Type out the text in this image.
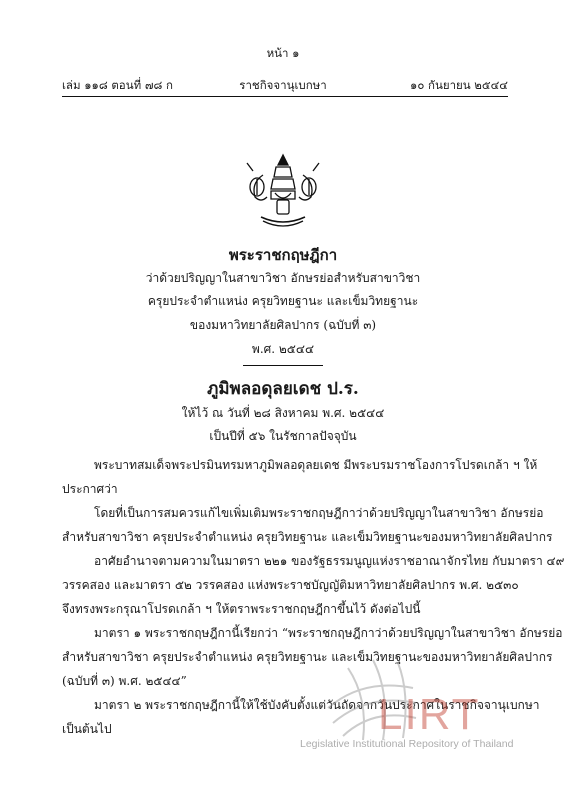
หน้า ๑
เล่ม ๑๑๘ ตอนที่ ๗๘ ก	ราชกิจจานุเบกษา	๑๐ กันยายน ๒๕๔๔
พระราชกฤษฎีกา
ว่าด้วยปริญญาในสาขาวิชา อักษรย่อสำหรับสาขาวิชา
ครุยประจำตำแหน่ง ครุยวิทยฐานะ และเข็มวิทยฐานะ
ของมหาวิทยาลัยศิลปากร (ฉบับที่ ๓)
พ.ศ. ๒๕๔๔
ภูมิพลอดุลยเดช ป.ร.
ให้ไว้ ณ วันที่ ๒๘ สิงหาคม พ.ศ. ๒๕๔๔
เป็นปีที่ ๕๖ ในรัชกาลปัจจุบัน
พระบาทสมเด็จพระปรมินทรมหาภูมิพลอดุลยเดช มีพระบรมราชโองการโปรดเกล้า ฯ ให้
ประกาศว่า
โดยที่เป็นการสมควรแก้ไขเพิ่มเติมพระราชกฤษฎีกาว่าด้วยปริญญาในสาขาวิชา อักษรย่อ
สำหรับสาขาวิชา ครุยประจำตำแหน่ง ครุยวิทยฐานะ และเข็มวิทยฐานะของมหาวิทยาลัยศิลปากร
อาศัยอำนาจตามความในมาตรา ๒๒๑ ของรัฐธรรมนูญแห่งราชอาณาจักรไทย กับมาตรา ๔๙
วรรคสอง และมาตรา ๕๒ วรรคสอง แห่งพระราชบัญญัติมหาวิทยาลัยศิลปากร พ.ศ. ๒๕๓๐
จึงทรงพระกรุณาโปรดเกล้า ฯ ให้ตราพระราชกฤษฎีกาขึ้นไว้ ดังต่อไปนี้
มาตรา ๑ พระราชกฤษฎีกานี้เรียกว่า “พระราชกฤษฎีกาว่าด้วยปริญญาในสาขาวิชา อักษรย่อ
สำหรับสาขาวิชา ครุยประจำตำแหน่ง ครุยวิทยฐานะ และเข็มวิทยฐานะของมหาวิทยาลัยศิลปากร
(ฉบับที่ ๓) พ.ศ. ๒๕๔๔”
มาตรา ๒ พระราชกฤษฎีกานี้ให้ใช้บังคับตั้งแต่วันถัดจากวันประกาศในราชกิจจานุเบกษา
เป็นต้นไป	LIRT
Legislative Institutional Repository of Thailand
